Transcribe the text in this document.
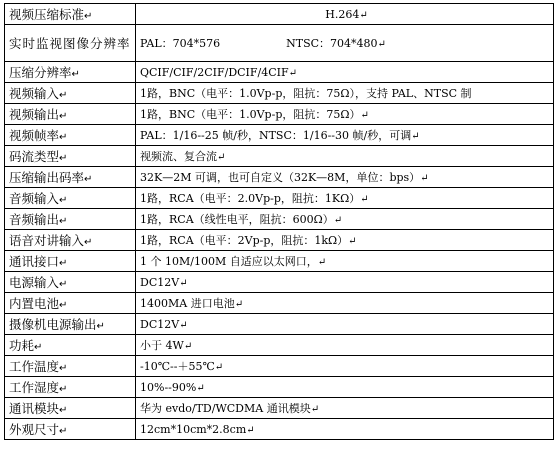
视频压缩标准↵	H.264↵
实时监视图像分辨率	PAL：704*576 NTSC：704*480↵
压缩分辨率↵	QCIF/CIF/2CIF/DCIF/4CIF↵
视频输入↵	1路，BNC（电平：1.0Vp-p，阻抗：75Ω），支持 PAL、NTSC 制
视频输出↵	1路，BNC（电平：1.0Vp-p，阻抗：75Ω）↵
视频帧率↵	PAL：1/16--25 帧/秒，NTSC：1/16--30 帧/秒，可调↵
码流类型↵	视频流、复合流↵
压缩输出码率↵	32K—2M 可调，也可自定义（32K—8M，单位：bps）↵
音频输入↵	1路，RCA（电平：2.0Vp-p，阻抗：1KΩ）↵
音频输出↵	1路，RCA（线性电平，阻抗：600Ω）↵
语音对讲输入↵	1路，RCA（电平：2Vp-p，阻抗：1kΩ）↵
通讯接口↵	1 个 10M/100M 自适应以太网口，↵
电源输入↵	DC12V↵
内置电池↵	1400MA 进口电池↵
摄像机电源输出↵	DC12V↵
功耗↵	小于 4W↵
工作温度↵	-10℃--＋55℃↵
工作湿度↵	10%--90%↵
通讯模块↵	华为 evdo/TD/WCDMA 通讯模块↵
外观尺寸↵	12cm*10cm*2.8cm↵
